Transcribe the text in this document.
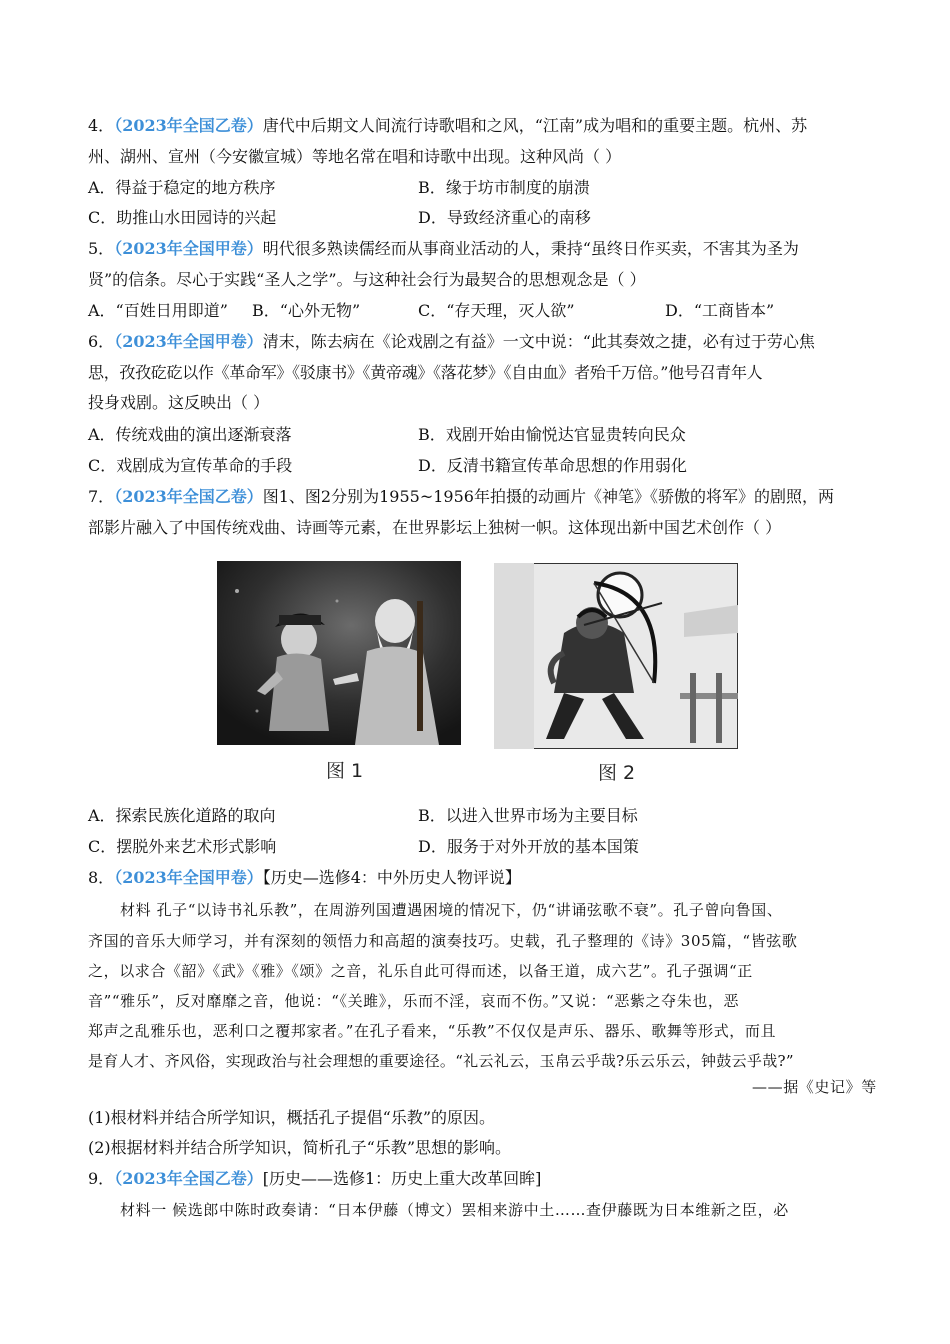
4．（2023年全国乙卷）唐代中后期文人间流行诗歌唱和之风，“江南”成为唱和的重要主题。杭州、苏
州、湖州、宣州（今安徽宣城）等地名常在唱和诗歌中出现。这种风尚（ ）
A．得益于稳定的地方秩序	B．缘于坊市制度的崩溃
C．助推山水田园诗的兴起	D．导致经济重心的南移
5．（2023年全国甲卷）明代很多熟读儒经而从事商业活动的人，秉持“虽终日作买卖，不害其为圣为
贤”的信条。尽心于实践“圣人之学”。与这种社会行为最契合的思想观念是（ ）
A．“百姓日用即道” B．“心外无物”	C．“存天理，灭人欲”	D．“工商皆本”
6．（2023年全国甲卷）清末，陈去病在《论戏剧之有益》一文中说：“此其奏效之捷，必有过于劳心焦
思，孜孜矻矻以作《革命军》《驳康书》《黄帝魂》《落花梦》《自由血》者殆千万倍。”他号召青年人
投身戏剧。这反映出（ ）
A．传统戏曲的演出逐渐衰落	B．戏剧开始由愉悦达官显贵转向民众
C．戏剧成为宣传革命的手段	D．反清书籍宣传革命思想的作用弱化
7．（2023年全国乙卷）图1、图2分别为1955~1956年拍摄的动画片《神笔》《骄傲的将军》的剧照，两
部影片融入了中国传统戏曲、诗画等元素，在世界影坛上独树一帜。这体现出新中国艺术创作（ ）
图 1	图 2
A．探索民族化道路的取向	B．以进入世界市场为主要目标
C．摆脱外来艺术形式影响	D．服务于对外开放的基本国策
8．（2023年全国甲卷）【历史—选修4：中外历史人物评说】
材料 孔子“以诗书礼乐教”，在周游列国遭遇困境的情况下，仍“讲诵弦歌不衰”。孔子曾向鲁国、
齐国的音乐大师学习，并有深刻的领悟力和高超的演奏技巧。史载，孔子整理的《诗》305篇，“皆弦歌
之，以求合《韶》《武》《雅》《颂》之音，礼乐自此可得而述，以备王道，成六艺”。孔子强调“正
音”“雅乐”，反对靡靡之音，他说：“《关雎》，乐而不淫，哀而不伤。”又说：“恶紫之夺朱也，恶
郑声之乱雅乐也，恶利口之覆邦家者。”在孔子看来，“乐教”不仅仅是声乐、器乐、歌舞等形式，而且
是育人才、齐风俗，实现政治与社会理想的重要途径。“礼云礼云，玉帛云乎哉?乐云乐云，钟鼓云乎哉?”
——据《史记》等
(1)根材料并结合所学知识，概括孔子提倡“乐教”的原因。
(2)根据材料并结合所学知识，简析孔子“乐教”思想的影响。
9．（2023年全国乙卷）[历史——选修1：历史上重大改革回眸]
材料一 候选郎中陈时政奏请：“日本伊藤（博文）罢相来游中土……查伊藤既为日本维新之臣，必
